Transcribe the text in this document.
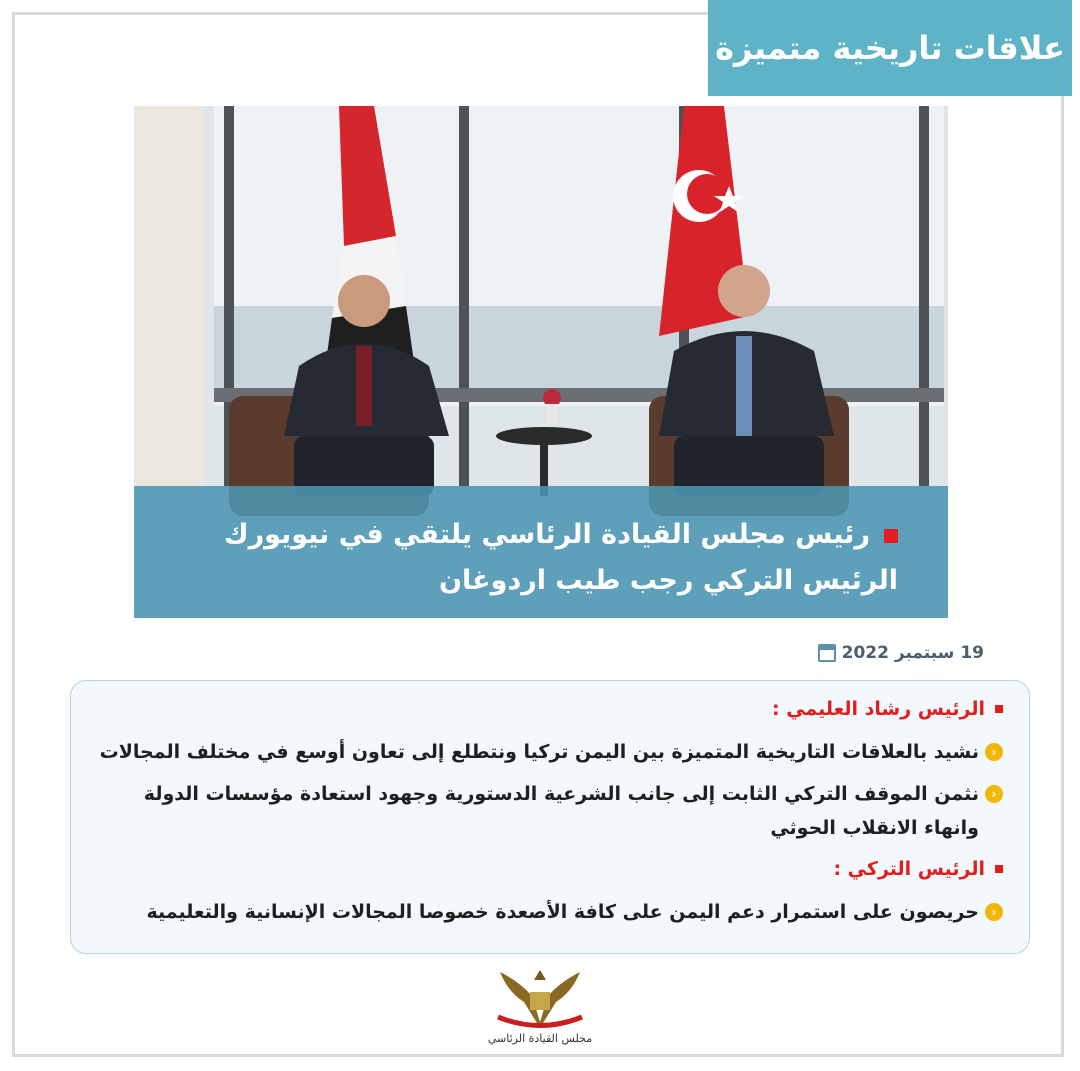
علاقات تاريخية متميزة
رئيس مجلس القيادة الرئاسي يلتقي في نيويورك
الرئيس التركي رجب طيب اردوغان
19 سبتمبر 2022
الرئيس رشاد العليمي :
‹
نشيد بالعلاقات التاريخية المتميزة بين اليمن تركيا ونتطلع إلى تعاون أوسع في مختلف المجالات
‹
نثمن الموقف التركي الثابت إلى جانب الشرعية الدستورية وجهود استعادة مؤسسات الدولة وانهاء الانقلاب الحوثي
الرئيس التركي :
‹
حريصون على استمرار دعم اليمن على كافة الأصعدة خصوصا المجالات الإنسانية والتعليمية
مجلس القيادة الرئاسي
